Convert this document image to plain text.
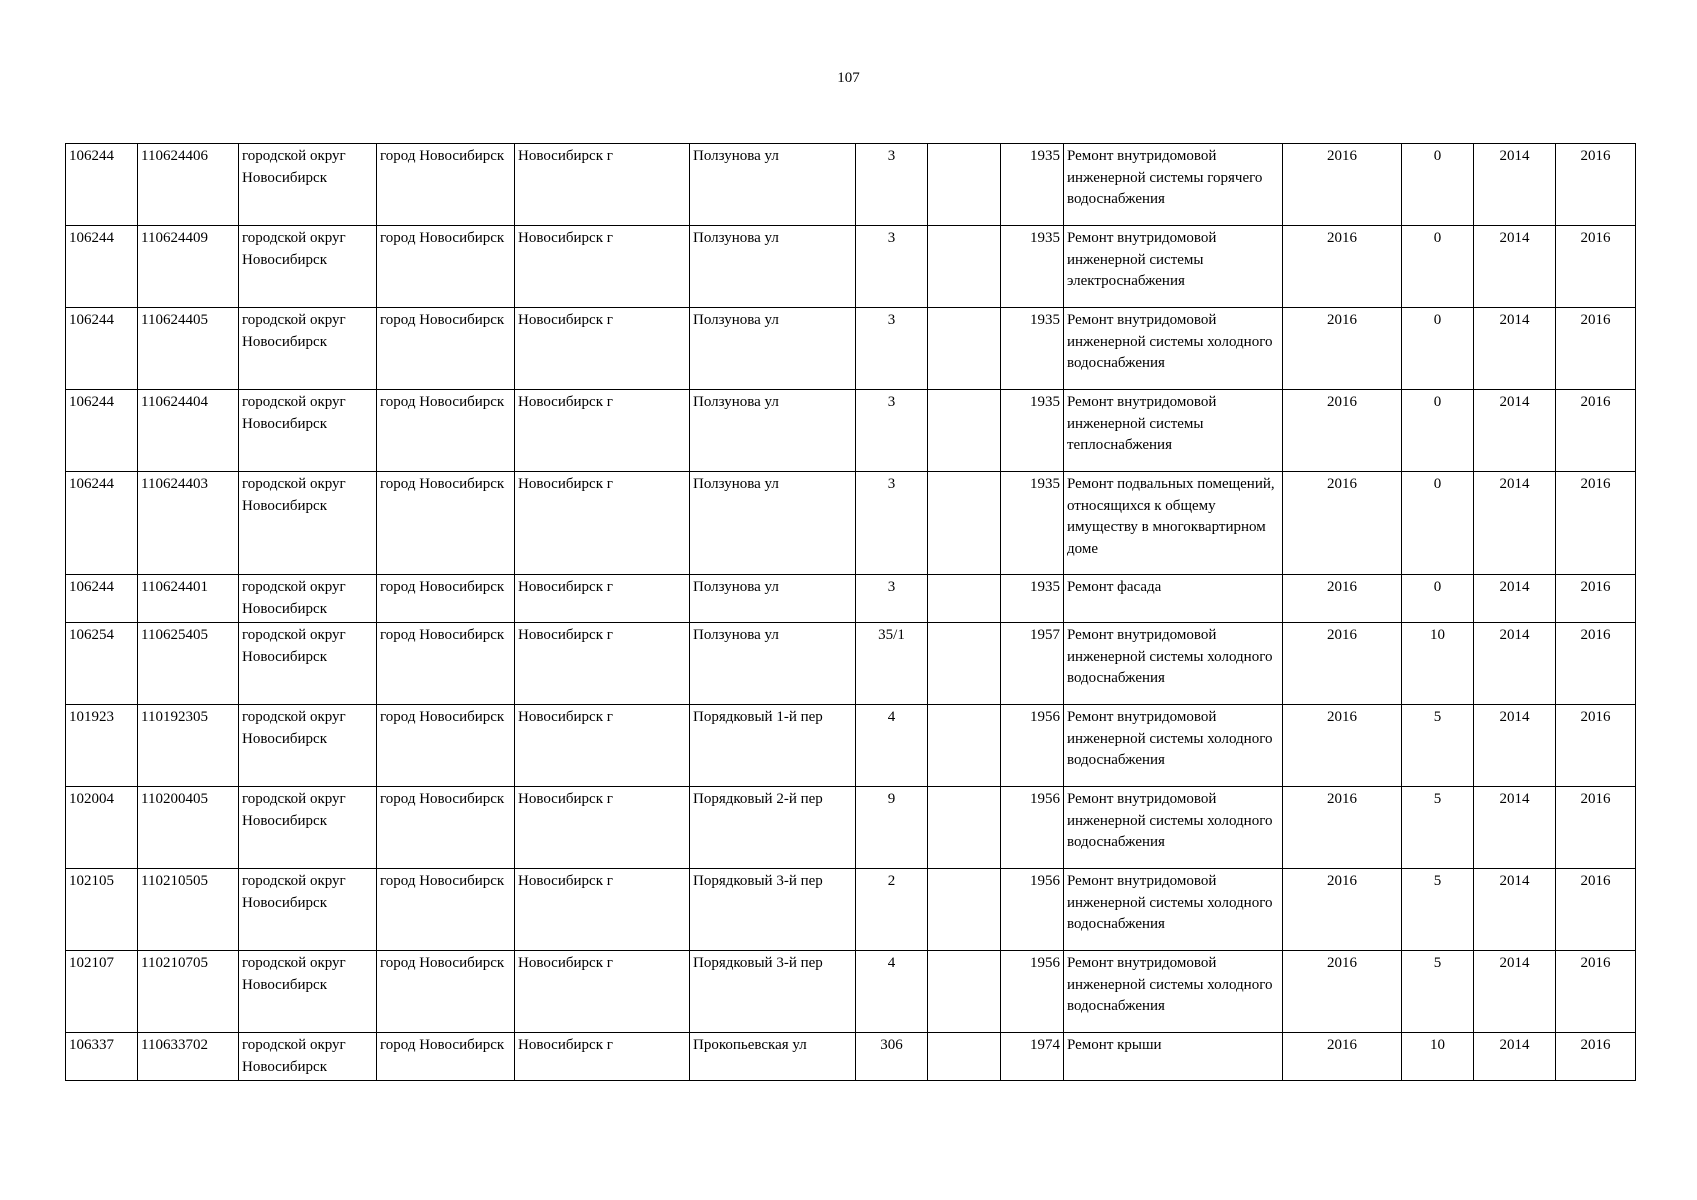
107
106244	110624406	городской округ Новосибирск	город Новосибирск	Новосибирск г	Ползунова ул	3		1935	Ремонт внутридомовой инженерной системы горячего водоснабжения	2016	0	2014	2016
106244	110624409	городской округ Новосибирск	город Новосибирск	Новосибирск г	Ползунова ул	3		1935	Ремонт внутридомовой инженерной системы электроснабжения	2016	0	2014	2016
106244	110624405	городской округ Новосибирск	город Новосибирск	Новосибирск г	Ползунова ул	3		1935	Ремонт внутридомовой инженерной системы холодного водоснабжения	2016	0	2014	2016
106244	110624404	городской округ Новосибирск	город Новосибирск	Новосибирск г	Ползунова ул	3		1935	Ремонт внутридомовой инженерной системы теплоснабжения	2016	0	2014	2016
106244	110624403	городской округ Новосибирск	город Новосибирск	Новосибирск г	Ползунова ул	3		1935	Ремонт подвальных помещений, относящихся к общему имуществу в многоквартирном доме	2016	0	2014	2016
106244	110624401	городской округ Новосибирск	город Новосибирск	Новосибирск г	Ползунова ул	3		1935	Ремонт фасада	2016	0	2014	2016
106254	110625405	городской округ Новосибирск	город Новосибирск	Новосибирск г	Ползунова ул	35/1		1957	Ремонт внутридомовой инженерной системы холодного водоснабжения	2016	10	2014	2016
101923	110192305	городской округ Новосибирск	город Новосибирск	Новосибирск г	Порядковый 1-й пер	4		1956	Ремонт внутридомовой инженерной системы холодного водоснабжения	2016	5	2014	2016
102004	110200405	городской округ Новосибирск	город Новосибирск	Новосибирск г	Порядковый 2-й пер	9		1956	Ремонт внутридомовой инженерной системы холодного водоснабжения	2016	5	2014	2016
102105	110210505	городской округ Новосибирск	город Новосибирск	Новосибирск г	Порядковый 3-й пер	2		1956	Ремонт внутридомовой инженерной системы холодного водоснабжения	2016	5	2014	2016
102107	110210705	городской округ Новосибирск	город Новосибирск	Новосибирск г	Порядковый 3-й пер	4		1956	Ремонт внутридомовой инженерной системы холодного водоснабжения	2016	5	2014	2016
106337	110633702	городской округ Новосибирск	город Новосибирск	Новосибирск г	Прокопьевская ул	306		1974	Ремонт крыши	2016	10	2014	2016
